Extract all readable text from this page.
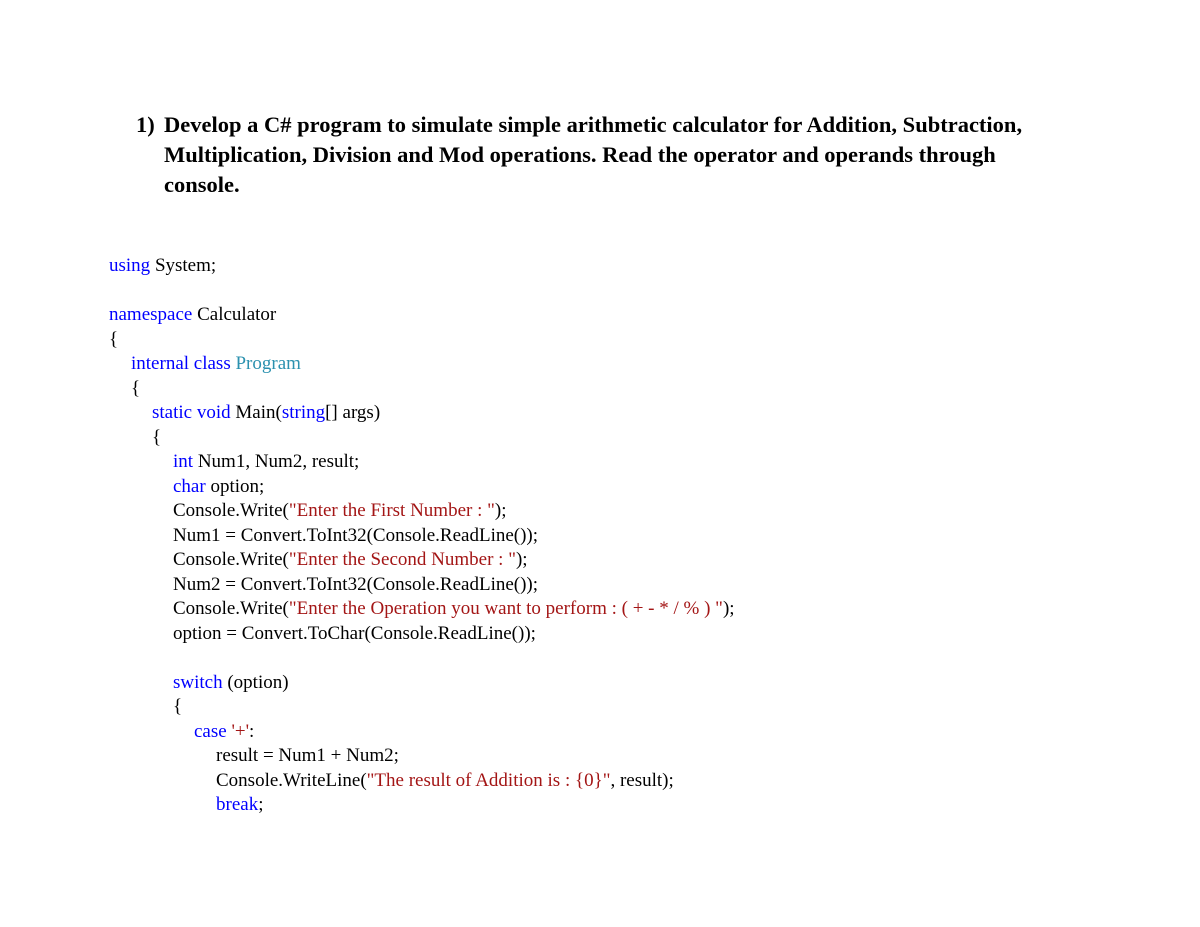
1) Develop a C# program to simulate simple arithmetic calculator for Addition, Subtraction,
Multiplication, Division and Mod operations. Read the operator and operands through
console.
using System;
namespace Calculator
{
internal class Program
{
static void Main(string[] args)
{
int Num1, Num2, result;
char option;
Console.Write("Enter the First Number : ");
Num1 = Convert.ToInt32(Console.ReadLine());
Console.Write("Enter the Second Number : ");
Num2 = Convert.ToInt32(Console.ReadLine());
Console.Write("Enter the Operation you want to perform : ( + - * / % ) ");
option = Convert.ToChar(Console.ReadLine());
switch (option)
{
case '+':
result = Num1 + Num2;
Console.WriteLine("The result of Addition is : {0}", result);
break;
